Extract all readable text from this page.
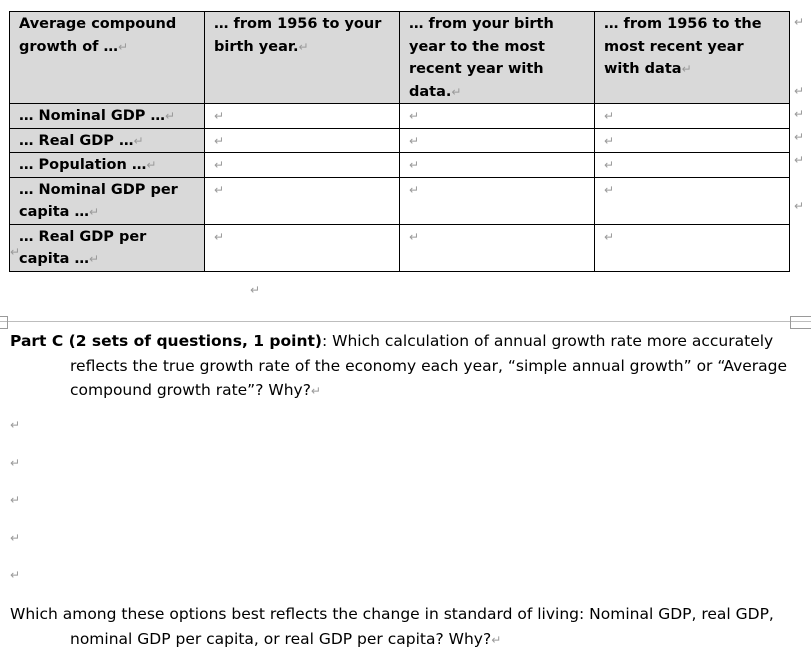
Average compound growth of …↵	… from 1956 to your birth year.↵	… from your birth year to the most recent year with data.↵	… from 1956 to the most recent year with data↵
… Nominal GDP …↵	↵	↵	↵
… Real GDP …↵	↵	↵	↵
… Population …↵	↵	↵	↵
… Nominal GDP per capita …↵	↵	↵	↵
… Real GDP per capita …↵	↵	↵	↵
↵
↵
↵
↵
↵
↵
↵
↵
Part C (2 sets of questions, 1 point): Which calculation of annual growth rate more accurately reflects the true growth rate of the economy each year, “simple annual growth” or “Average compound growth rate”? Why?↵
↵
↵
↵
↵
↵
Which among these options best reflects the change in standard of living: Nominal GDP, real GDP, nominal GDP per capita, or real GDP per capita? Why?↵
